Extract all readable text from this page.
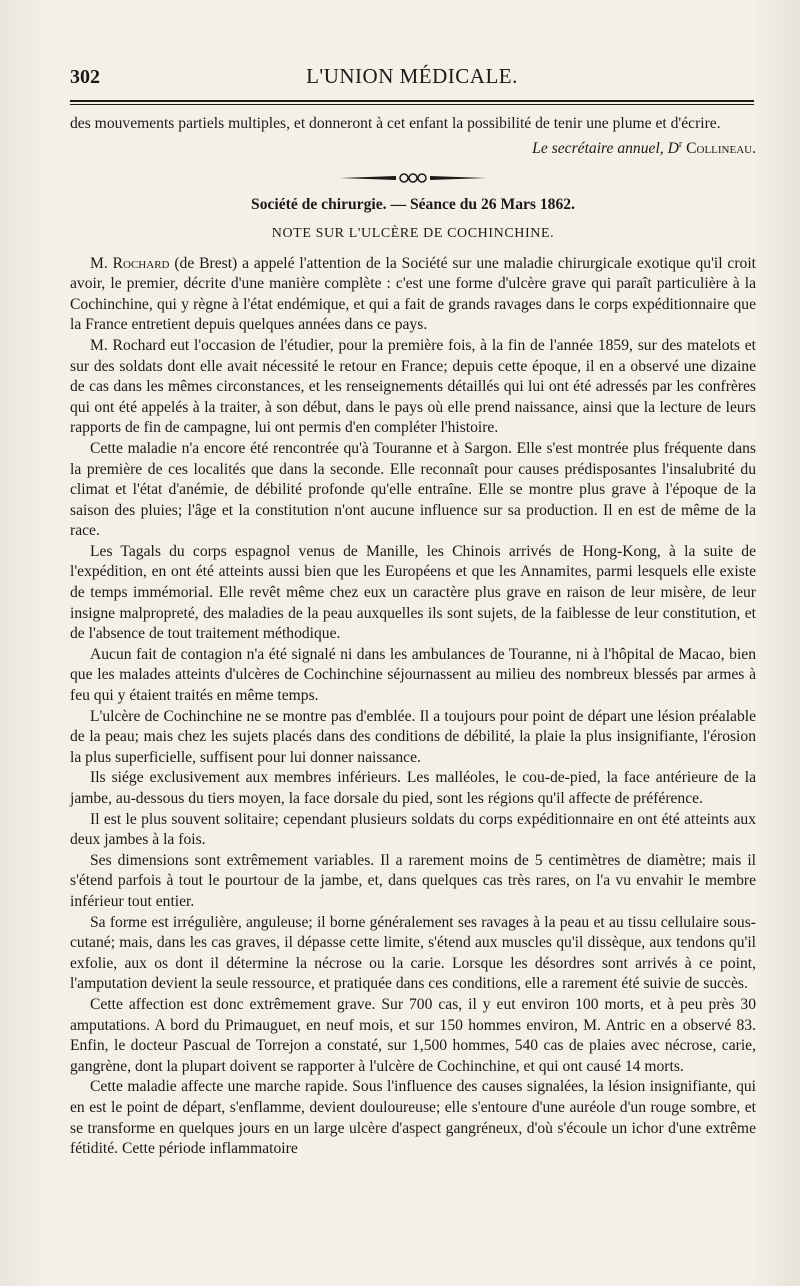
302	L'UNION MÉDICALE.

des mouvements partiels multiples, et donneront à cet enfant la possibilité de tenir une plume et d'écrire.

Le secrétaire annuel, $D^r$ Collineau.

Société de chirurgie. — Séance du 26 Mars 1862.
NOTE SUR L'ULCÈRE DE COCHINCHINE.

M. Rochard (de Brest) a appelé l'attention de la Société sur une maladie chirurgicale exotique qu'il croit avoir, le premier, décrite d'une manière complète : c'est une forme d'ulcère grave qui paraît particulière à la Cochinchine, qui y règne à l'état endémique, et qui a fait de grands ravages dans le corps expéditionnaire que la France entretient depuis quelques années dans ce pays.

M. Rochard eut l'occasion de l'étudier, pour la première fois, à la fin de l'année 1859, sur des matelots et sur des soldats dont elle avait nécessité le retour en France; depuis cette époque, il en a observé une dizaine de cas dans les mêmes circonstances, et les renseignements détaillés qui lui ont été adressés par les confrères qui ont été appelés à la traiter, à son début, dans le pays où elle prend naissance, ainsi que la lecture de leurs rapports de fin de campagne, lui ont permis d'en compléter l'histoire.

Cette maladie n'a encore été rencontrée qu'à Touranne et à Sargon. Elle s'est montrée plus fréquente dans la première de ces localités que dans la seconde. Elle reconnaît pour causes prédisposantes l'insalubrité du climat et l'état d'anémie, de débilité profonde qu'elle entraîne. Elle se montre plus grave à l'époque de la saison des pluies; l'âge et la constitution n'ont aucune influence sur sa production. Il en est de même de la race.

Les Tagals du corps espagnol venus de Manille, les Chinois arrivés de Hong-Kong, à la suite de l'expédition, en ont été atteints aussi bien que les Européens et que les Annamites, parmi lesquels elle existe de temps immémorial. Elle revêt même chez eux un caractère plus grave en raison de leur misère, de leur insigne malpropreté, des maladies de la peau auxquelles ils sont sujets, de la faiblesse de leur constitution, et de l'absence de tout traitement méthodique.

Aucun fait de contagion n'a été signalé ni dans les ambulances de Touranne, ni à l'hôpital de Macao, bien que les malades atteints d'ulcères de Cochinchine séjournassent au milieu des nombreux blessés par armes à feu qui y étaient traités en même temps.

L'ulcère de Cochinchine ne se montre pas d'emblée. Il a toujours pour point de départ une lésion préalable de la peau; mais chez les sujets placés dans des conditions de débilité, la plaie la plus insignifiante, l'érosion la plus superficielle, suffisent pour lui donner naissance.

Ils siége exclusivement aux membres inférieurs. Les malléoles, le cou-de-pied, la face antérieure de la jambe, au-dessous du tiers moyen, la face dorsale du pied, sont les régions qu'il affecte de préférence.

Il est le plus souvent solitaire; cependant plusieurs soldats du corps expéditionnaire en ont été atteints aux deux jambes à la fois.

Ses dimensions sont extrêmement variables. Il a rarement moins de 5 centimètres de diamètre; mais il s'étend parfois à tout le pourtour de la jambe, et, dans quelques cas très rares, on l'a vu envahir le membre inférieur tout entier.

Sa forme est irrégulière, anguleuse; il borne généralement ses ravages à la peau et au tissu cellulaire sous-cutané; mais, dans les cas graves, il dépasse cette limite, s'étend aux muscles qu'il dissèque, aux tendons qu'il exfolie, aux os dont il détermine la nécrose ou la carie. Lorsque les désordres sont arrivés à ce point, l'amputation devient la seule ressource, et pratiquée dans ces conditions, elle a rarement été suivie de succès.

Cette affection est donc extrêmement grave. Sur 700 cas, il y eut environ 100 morts, et à peu près 30 amputations. A bord du Primauguet, en neuf mois, et sur 150 hommes environ, M. Antric en a observé 83. Enfin, le docteur Pascual de Torrejon a constaté, sur 1,500 hommes, 540 cas de plaies avec nécrose, carie, gangrène, dont la plupart doivent se rapporter à l'ulcère de Cochinchine, et qui ont causé 14 morts.

Cette maladie affecte une marche rapide. Sous l'influence des causes signalées, la lésion insignifiante, qui en est le point de départ, s'enflamme, devient douloureuse; elle s'entoure d'une auréole d'un rouge sombre, et se transforme en quelques jours en un large ulcère d'aspect gangréneux, d'où s'écoule un ichor d'une extrême fétidité. Cette période inflammatoire
